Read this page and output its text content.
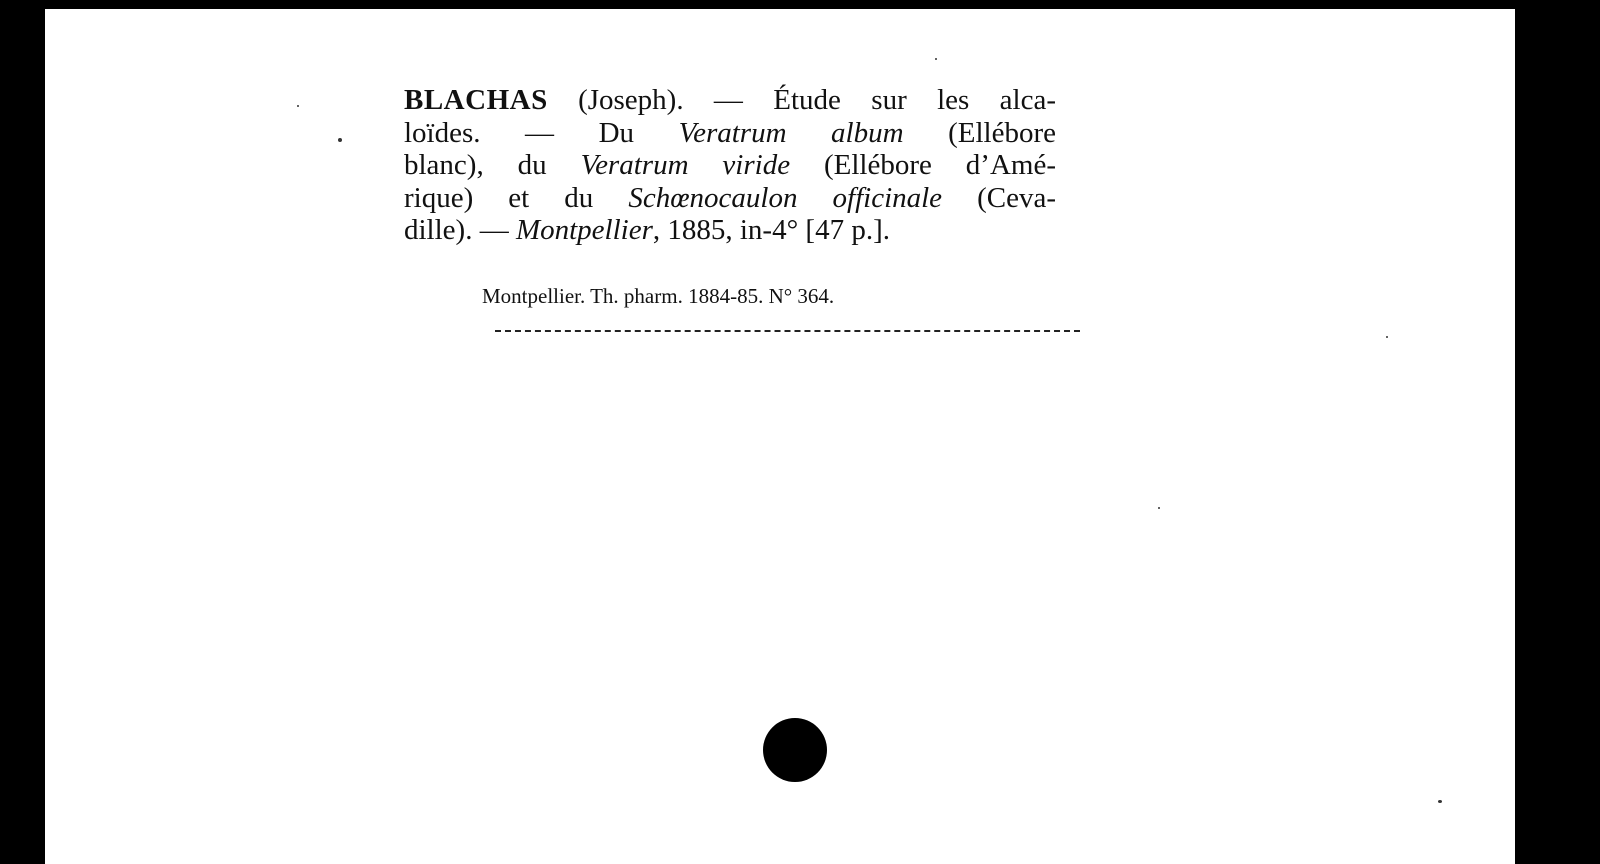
BLACHAS (Joseph). — Étude sur les alca-
loïdes. — Du Veratrum album (Ellébore
blanc), du Veratrum viride (Ellébore d’Amé-
rique) et du Schœnocaulon officinale (Ceva-
dille). — Montpellier, 1885, in-4° [47 p.].
Montpellier. Th. pharm. 1884-85. N° 364.
